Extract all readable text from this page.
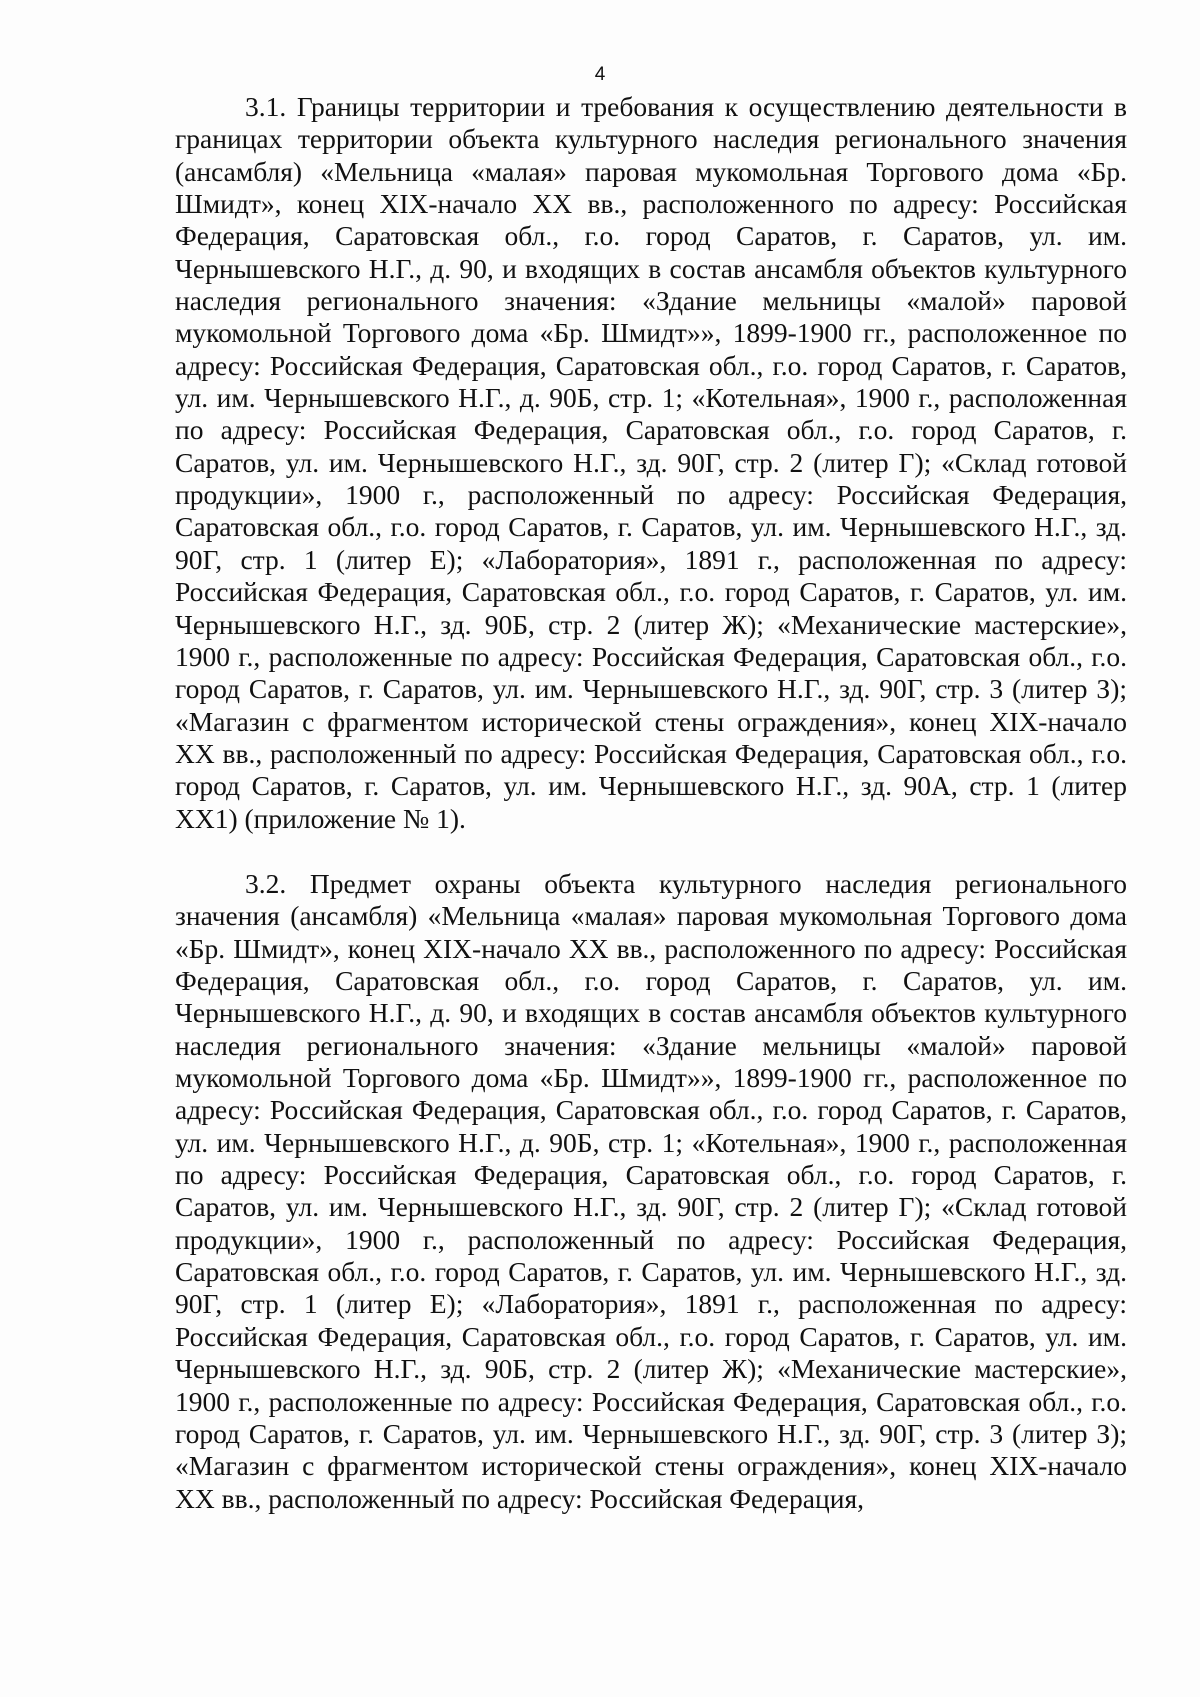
4

3.1. Границы территории и требования к осуществлению деятельности в границах территории объекта культурного наследия регионального значения (ансамбля) «Мельница «малая» паровая мукомольная Торгового дома «Бр. Шмидт», конец XIX-начало XX вв., расположенного по адресу: Российская Федерация, Саратовская обл., г.о. город Саратов, г. Саратов, ул. им. Чернышевского Н.Г., д. 90, и входящих в состав ансамбля объектов культурного наследия регионального значения: «Здание мельницы «малой» паровой мукомольной Торгового дома «Бр. Шмидт»», 1899-1900 гг., расположенное по адресу: Российская Федерация, Саратовская обл., г.о. город Саратов, г. Саратов, ул. им. Чернышевского Н.Г., д. 90Б, стр. 1; «Котельная», 1900 г., расположенная по адресу: Российская Федерация, Саратовская обл., г.о. город Саратов, г. Саратов, ул. им. Чернышевского Н.Г., зд. 90Г, стр. 2 (литер Г); «Склад готовой продукции», 1900 г., расположенный по адресу: Российская Федерация, Саратовская обл., г.о. город Саратов, г. Саратов, ул. им. Чернышевского Н.Г., зд. 90Г, стр. 1 (литер Е); «Лаборатория», 1891 г., расположенная по адресу: Российская Федерация, Саратовская обл., г.о. город Саратов, г. Саратов, ул. им. Чернышевского Н.Г., зд. 90Б, стр. 2 (литер Ж); «Механические мастерские», 1900 г., расположенные по адресу: Российская Федерация, Саратовская обл., г.о. город Саратов, г. Саратов, ул. им. Чернышевского Н.Г., зд. 90Г, стр. 3 (литер З); «Магазин с фрагментом исторической стены ограждения», конец XIX-начало XX вв., расположенный по адресу: Российская Федерация, Саратовская обл., г.о. город Саратов, г. Саратов, ул. им. Чернышевского Н.Г., зд. 90А, стр. 1 (литер XX1) (приложение № 1).

3.2. Предмет охраны объекта культурного наследия регионального значения (ансамбля) «Мельница «малая» паровая мукомольная Торгового дома «Бр. Шмидт», конец XIX-начало XX вв., расположенного по адресу: Российская Федерация, Саратовская обл., г.о. город Саратов, г. Саратов, ул. им. Чернышевского Н.Г., д. 90, и входящих в состав ансамбля объектов культурного наследия регионального значения: «Здание мельницы «малой» паровой мукомольной Торгового дома «Бр. Шмидт»», 1899-1900 гг., расположенное по адресу: Российская Федерация, Саратовская обл., г.о. город Саратов, г. Саратов, ул. им. Чернышевского Н.Г., д. 90Б, стр. 1; «Котельная», 1900 г., расположенная по адресу: Российская Федерация, Саратовская обл., г.о. город Саратов, г. Саратов, ул. им. Чернышевского Н.Г., зд. 90Г, стр. 2 (литер Г); «Склад готовой продукции», 1900 г., расположенный по адресу: Российская Федерация, Саратовская обл., г.о. город Саратов, г. Саратов, ул. им. Чернышевского Н.Г., зд. 90Г, стр. 1 (литер Е); «Лаборатория», 1891 г., расположенная по адресу: Российская Федерация, Саратовская обл., г.о. город Саратов, г. Саратов, ул. им. Чернышевского Н.Г., зд. 90Б, стр. 2 (литер Ж); «Механические мастерские», 1900 г., расположенные по адресу: Российская Федерация, Саратовская обл., г.о. город Саратов, г. Саратов, ул. им. Чернышевского Н.Г., зд. 90Г, стр. 3 (литер З); «Магазин с фрагментом исторической стены ограждения», конец XIX-начало XX вв., расположенный по адресу: Российская Федерация,
